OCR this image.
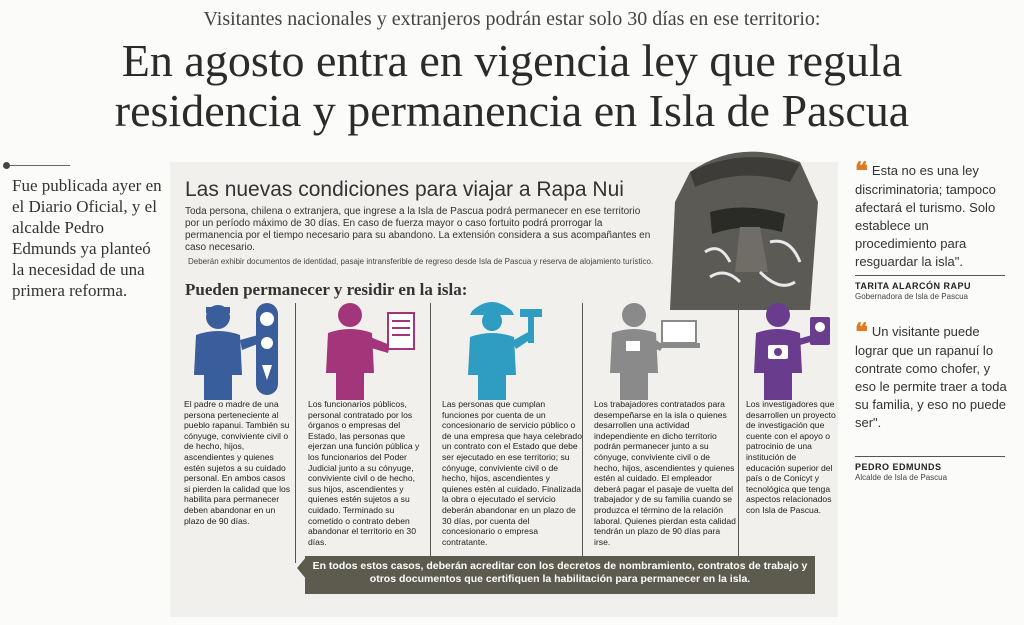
Visitantes nacionales y extranjeros podrán estar solo 30 días en ese territorio:
En agosto entra en vigencia ley que regula
residencia y permanencia en Isla de Pascua
Fue publicada ayer en el Diario Oficial, y el alcalde Pedro Edmunds ya planteó la necesidad de una primera reforma.
Las nuevas condiciones para viajar a Rapa Nui
Toda persona, chilena o extranjera, que ingrese a la Isla de Pascua podrá permanecer en ese territorio por un período máximo de 30 días. En caso de fuerza mayor o caso fortuito podrá prorrogar la permanencia por el tiempo necesario para su abandono. La extensión considera a sus acompañantes en caso necesario.
Deberán exhibir documentos de identidad, pasaje intransferible de regreso desde Isla de Pascua y reserva de alojamiento turístico.
Pueden permanecer y residir en la isla:
El padre o madre de una persona perteneciente al pueblo rapanui. También su cónyuge, conviviente civil o de hecho, hijos, ascendientes y quienes estén sujetos a su cuidado personal. En ambos casos si pierden la calidad que los habilita para permanecer deben abandonar en un plazo de 90 días.
Los funcionarios públicos, personal contratado por los órganos o empresas del Estado, las personas que ejerzan una función pública y los funcionarios del Poder Judicial junto a su cónyuge, conviviente civil o de hecho, sus hijos, ascendientes y quienes estén sujetos a su cuidado. Terminado su cometido o contrato deben abandonar el territorio en 30 días.
Las personas que cumplan funciones por cuenta de un concesionario de servicio público o de una empresa que haya celebrado un contrato con el Estado que debe ser ejecutado en ese territorio; su cónyuge, conviviente civil o de hecho, hijos, ascendientes y quienes estén al cuidado. Finalizada la obra o ejecutado el servicio deberán abandonar en un plazo de 30 días, por cuenta del concesionario o empresa contratante.
Los trabajadores contratados para desempeñarse en la isla o quienes desarrollen una actividad independiente en dicho territorio podrán permanecer junto a su cónyuge, conviviente civil o de hecho, hijos, ascendientes y quienes estén al cuidado. El empleador deberá pagar el pasaje de vuelta del trabajador y de su familia cuando se produzca el término de la relación laboral. Quienes pierdan esta calidad tendrán un plazo de 90 días para irse.
Los investigadores que desarrollen un proyecto de investigación que cuente con el apoyo o patrocinio de una institución de educación superior del país o de Conicyt y tecnológica que tenga aspectos relacionados con Isla de Pascua.
En todos estos casos, deberán acreditar con los decretos de nombramiento, contratos de trabajo y otros documentos que certifiquen la habilitación para permanecer en la isla.
❝ Esta no es una ley discriminatoria; tampoco afectará el turismo. Solo establece un procedimiento para resguardar la isla".
TARITA ALARCÓN RAPU
Gobernadora de Isla de Pascua
❝ Un visitante puede lograr que un rapanuí lo contrate como chofer, y eso le permite traer a toda su familia, y eso no puede ser".
PEDRO EDMUNDS
Alcalde de Isla de Pascua
